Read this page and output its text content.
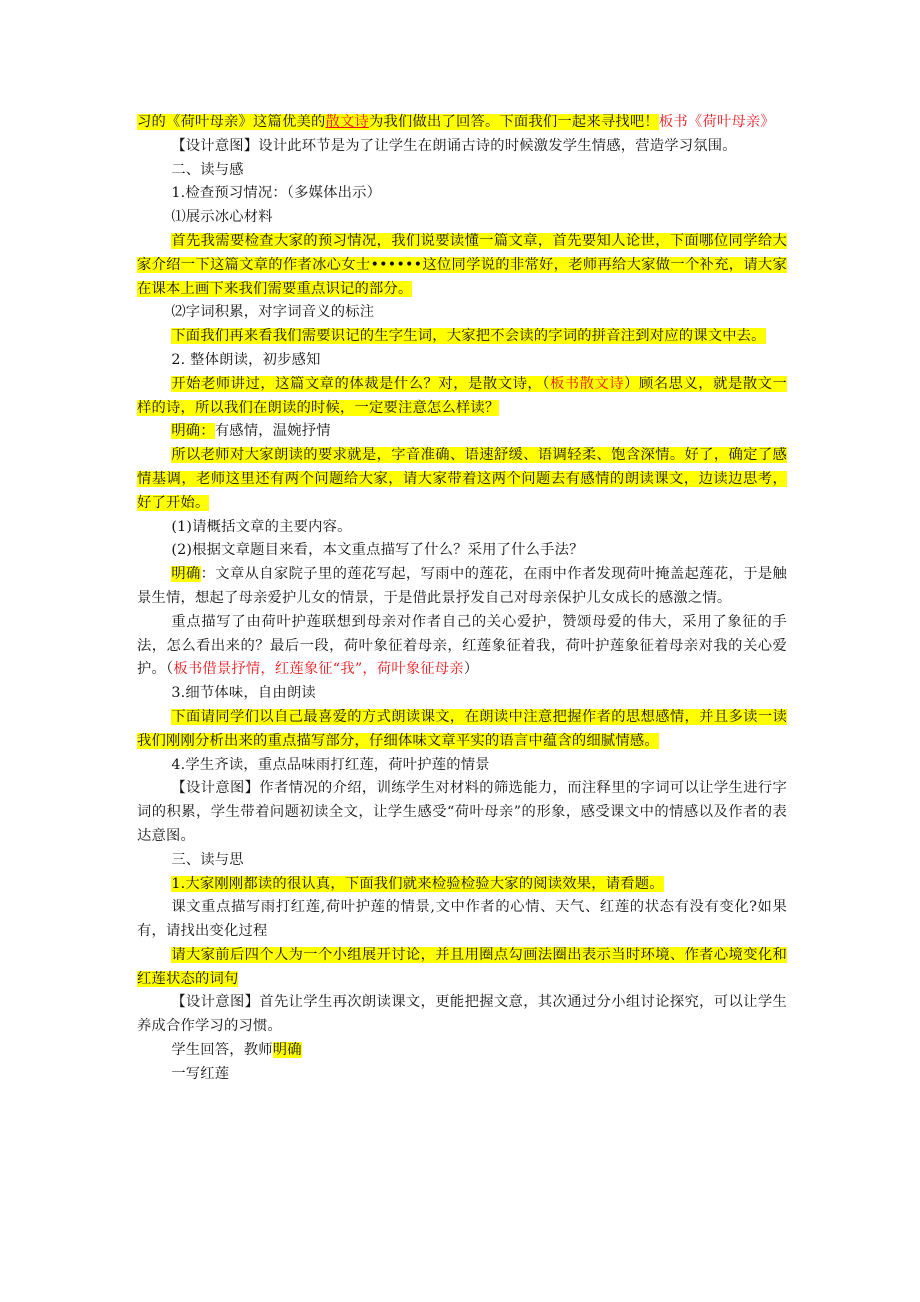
习的《荷叶母亲》这篇优美的散文诗为我们做出了回答。下面我们一起来寻找吧！板书《荷叶母亲》

【设计意图】设计此环节是为了让学生在朗诵古诗的时候激发学生情感，营造学习氛围。

二、读与感

1.检查预习情况：（多媒体出示）

⑴展示冰心材料

首先我需要检查大家的预习情况，我们说要读懂一篇文章，首先要知人论世，下面哪位同学给大家介绍一下这篇文章的作者冰心女士••••••这位同学说的非常好，老师再给大家做一个补充，请大家在课本上画下来我们需要重点识记的部分。

⑵字词积累，对字词音义的标注

下面我们再来看我们需要识记的生字生词，大家把不会读的字词的拼音注到对应的课文中去。

2. 整体朗读，初步感知

开始老师讲过，这篇文章的体裁是什么？对，是散文诗，（板书散文诗）顾名思义，就是散文一样的诗，所以我们在朗读的时候，一定要注意怎么样读？

明确：有感情，温婉抒情

所以老师对大家朗读的要求就是，字音准确、语速舒缓、语调轻柔、饱含深情。好了，确定了感情基调，老师这里还有两个问题给大家，请大家带着这两个问题去有感情的朗读课文，边读边思考，好了开始。

(1)请概括文章的主要内容。

(2)根据文章题目来看，本文重点描写了什么？采用了什么手法？

明确：文章从自家院子里的莲花写起，写雨中的莲花，在雨中作者发现荷叶掩盖起莲花，于是触景生情，想起了母亲爱护儿女的情景，于是借此景抒发自己对母亲保护儿女成长的感激之情。

重点描写了由荷叶护莲联想到母亲对作者自己的关心爱护，赞颂母爱的伟大，采用了象征的手法，怎么看出来的？最后一段，荷叶象征着母亲，红莲象征着我，荷叶护莲象征着母亲对我的关心爱护。（板书借景抒情，红莲象征“我”，荷叶象征母亲）

3.细节体味，自由朗读

下面请同学们以自己最喜爱的方式朗读课文，在朗读中注意把握作者的思想感情，并且多读一读我们刚刚分析出来的重点描写部分，仔细体味文章平实的语言中蕴含的细腻情感。

4.学生齐读，重点品味雨打红莲，荷叶护莲的情景

【设计意图】作者情况的介绍，训练学生对材料的筛选能力，而注释里的字词可以让学生进行字词的积累，学生带着问题初读全文，让学生感受“荷叶母亲”的形象，感受课文中的情感以及作者的表达意图。

三、读与思

1.大家刚刚都读的很认真，下面我们就来检验检验大家的阅读效果，请看题。

课文重点描写雨打红莲,荷叶护莲的情景,文中作者的心情、天气、红莲的状态有没有变化?如果有，请找出变化过程

请大家前后四个人为一个小组展开讨论，并且用圈点勾画法圈出表示当时环境、作者心境变化和红莲状态的词句

【设计意图】首先让学生再次朗读课文，更能把握文意，其次通过分小组讨论探究，可以让学生养成合作学习的习惯。

学生回答，教师明确

一写红莲
